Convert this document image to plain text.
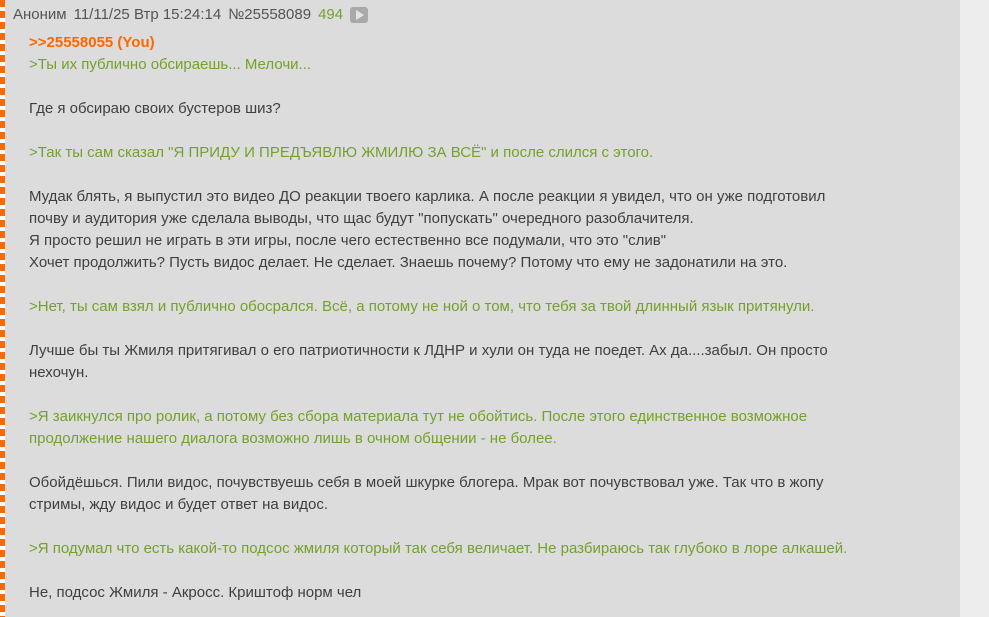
Аноним 11/11/25 Втр 15:24:14 №25558089 494
>>25558055 (You)
>Ты их публично обсираешь... Мелочи...

Где я обсираю своих бустеров шиз?

>Так ты сам сказал "Я ПРИДУ И ПРЕДЪЯВЛЮ ЖМИЛЮ ЗА ВСЁ" и после слился с этого.

Мудак блять, я выпустил это видео ДО реакции твоего карлика. А после реакции я увидел, что он уже подготовил
почву и аудитория уже сделала выводы, что щас будут "попускать" очередного разоблачителя.
Я просто решил не играть в эти игры, после чего естественно все подумали, что это "слив"
Хочет продолжить? Пусть видос делает. Не сделает. Знаешь почему? Потому что ему не задонатили на это.

>Нет, ты сам взял и публично обосрался. Всё, а потому не ной о том, что тебя за твой длинный язык притянули.

Лучше бы ты Жмиля притягивал о его патриотичности к ЛДНР и хули он туда не поедет. Ах да....забыл. Он просто
нехочун.

>Я заикнулся про ролик, а потому без сбора материала тут не обойтись. После этого единственное возможное
продолжение нашего диалога возможно лишь в очном общении - не более.

Обойдёшься. Пили видос, почувствуешь себя в моей шкурке блогера. Мрак вот почувствовал уже. Так что в жопу
стримы, жду видос и будет ответ на видос.

>Я подумал что есть какой-то подсос жмиля который так себя величает. Не разбираюсь так глубоко в лоре алкашей.

Не, подсос Жмиля - Акросс. Криштоф норм чел
